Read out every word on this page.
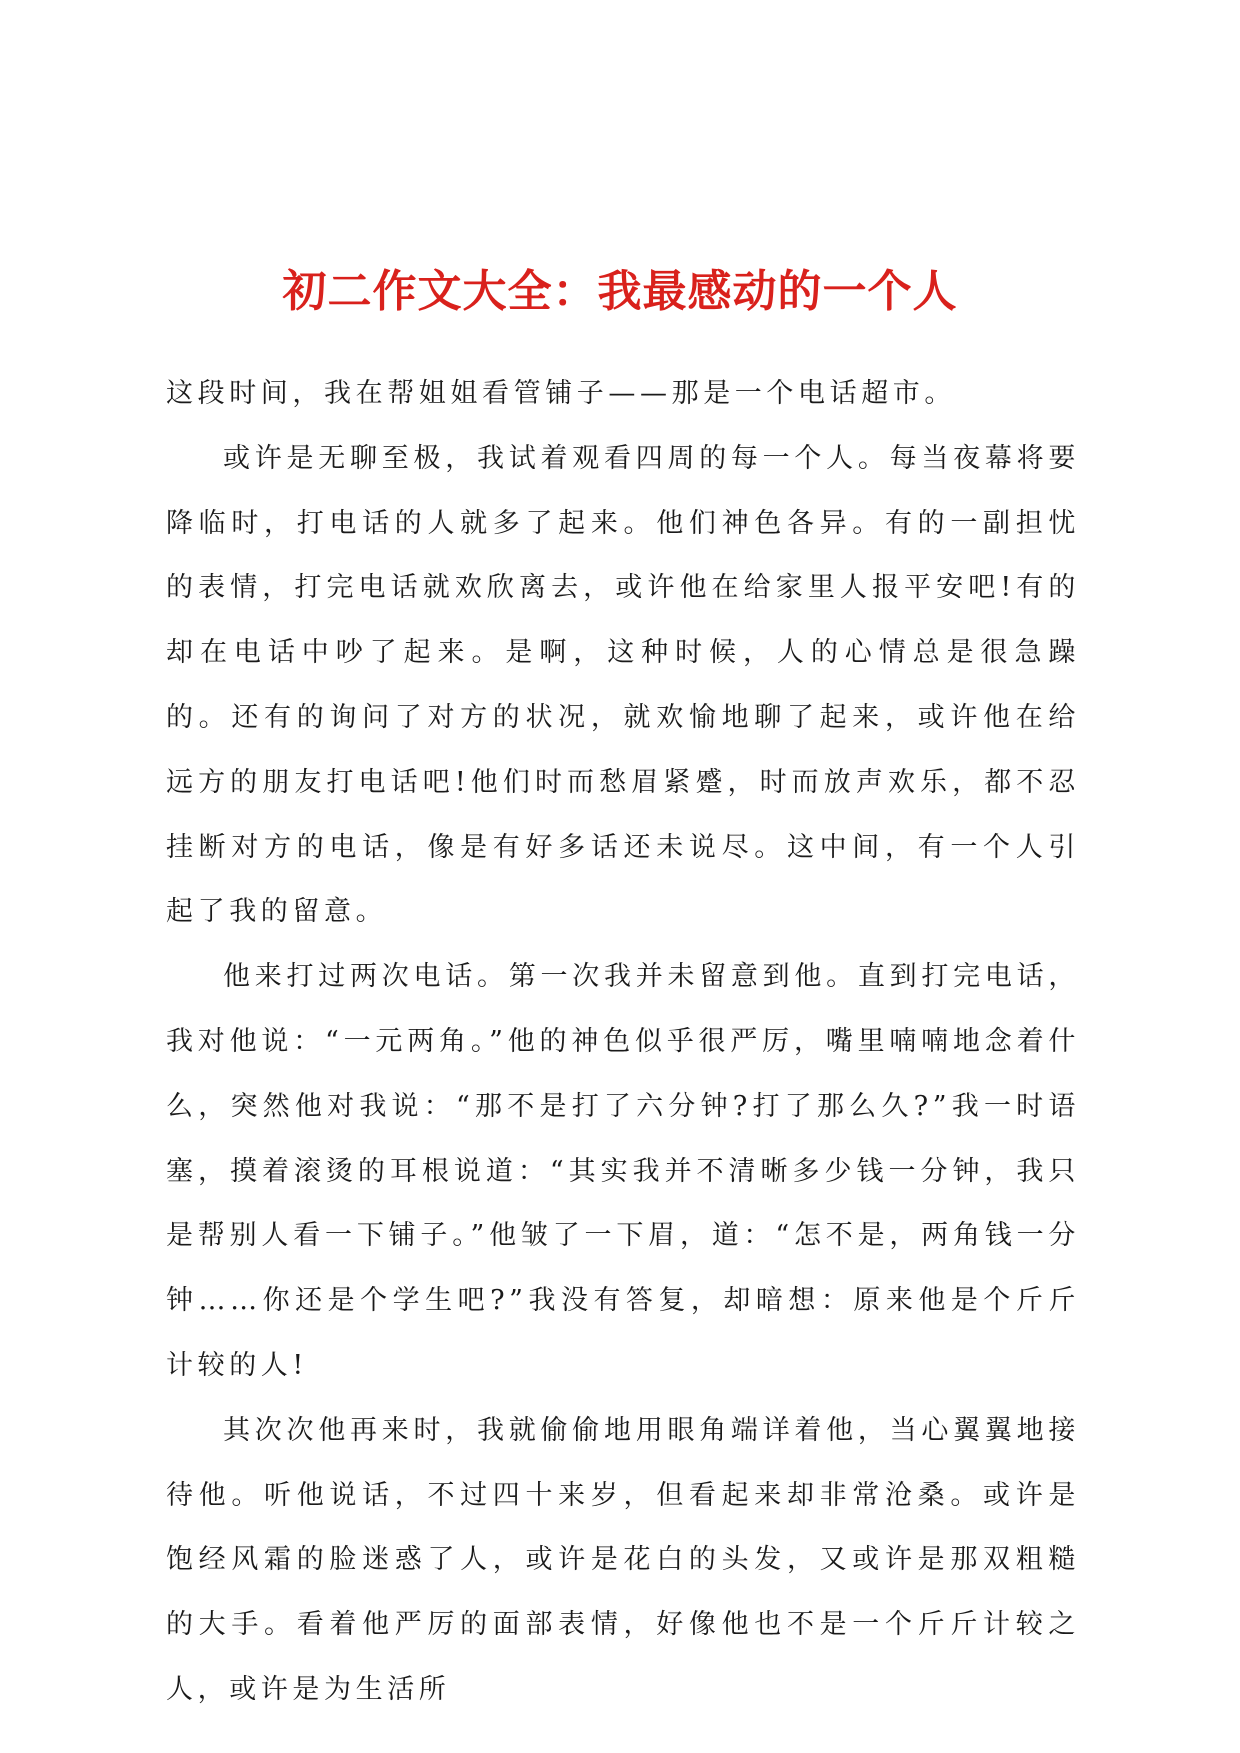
初二作文大全：我最感动的一个人

这段时间，我在帮姐姐看管铺子——那是一个电话超市。

或许是无聊至极，我试着观看四周的每一个人。每当夜幕将要降临时，打电话的人就多了起来。他们神色各异。有的一副担忧的表情，打完电话就欢欣离去，或许他在给家里人报平安吧!有的却在电话中吵了起来。是啊，这种时候，人的心情总是很急躁的。还有的询问了对方的状况，就欢愉地聊了起来，或许他在给远方的朋友打电话吧!他们时而愁眉紧蹙，时而放声欢乐，都不忍挂断对方的电话，像是有好多话还未说尽。这中间，有一个人引起了我的留意。

他来打过两次电话。第一次我并未留意到他。直到打完电话，我对他说：“一元两角。”他的神色似乎很严厉，嘴里喃喃地念着什么，突然他对我说：“那不是打了六分钟?打了那么久?”我一时语塞，摸着滚烫的耳根说道：“其实我并不清晰多少钱一分钟，我只是帮别人看一下铺子。”他皱了一下眉，道：“怎不是，两角钱一分钟……你还是个学生吧?”我没有答复，却暗想：原来他是个斤斤计较的人!

其次次他再来时，我就偷偷地用眼角端详着他，当心翼翼地接待他。听他说话，不过四十来岁，但看起来却非常沧桑。或许是饱经风霜的脸迷惑了人，或许是花白的头发，又或许是那双粗糙的大手。看着他严厉的面部表情，好像他也不是一个斤斤计较之人，或许是为生活所
